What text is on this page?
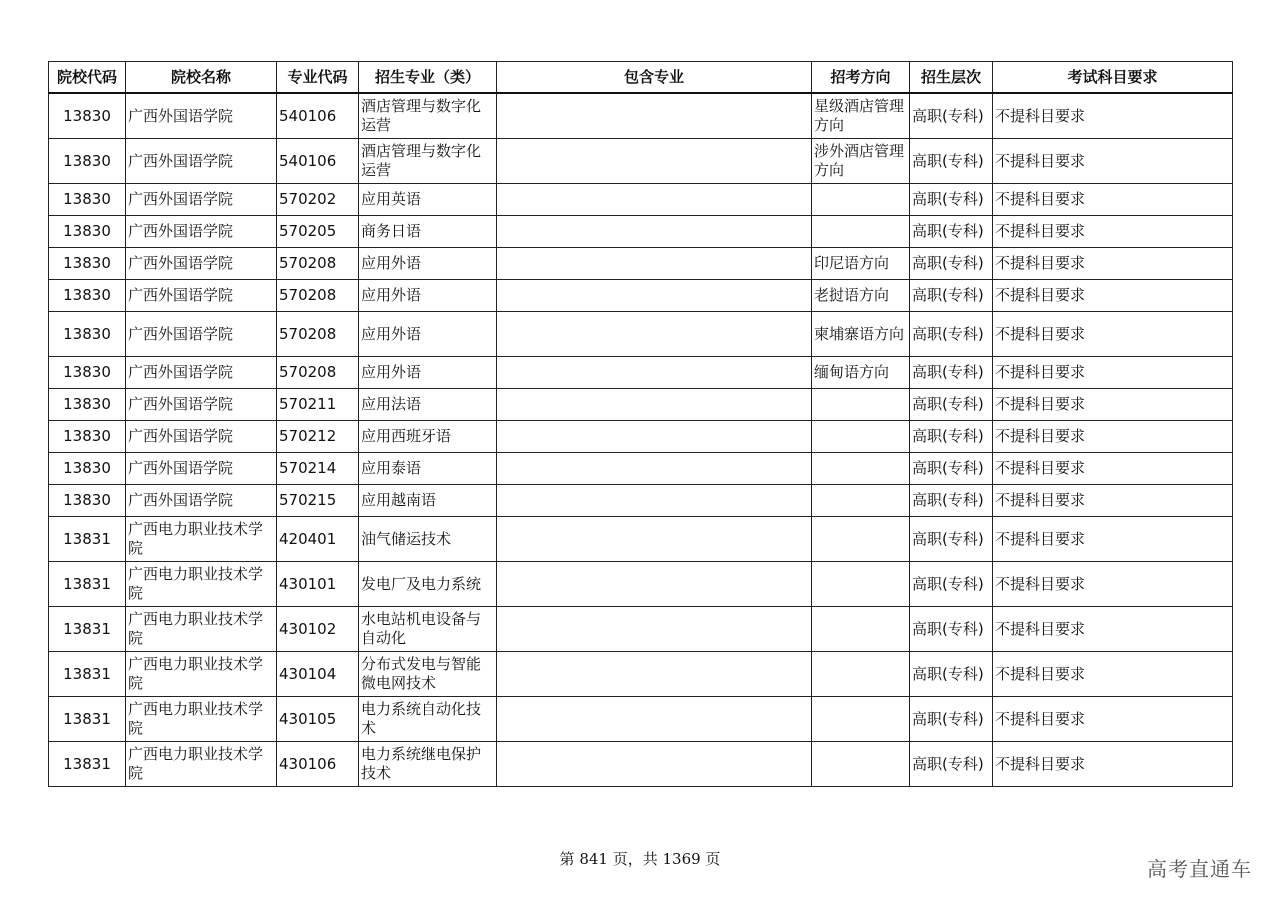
院校代码	院校名称	专业代码	招生专业（类）	包含专业	招考方向	招生层次	考试科目要求
13830	广西外国语学院	540106	酒店管理与数字化运营		星级酒店管理方向	高职(专科)	不提科目要求
13830	广西外国语学院	540106	酒店管理与数字化运营		涉外酒店管理方向	高职(专科)	不提科目要求
13830	广西外国语学院	570202	应用英语			高职(专科)	不提科目要求
13830	广西外国语学院	570205	商务日语			高职(专科)	不提科目要求
13830	广西外国语学院	570208	应用外语		印尼语方向	高职(专科)	不提科目要求
13830	广西外国语学院	570208	应用外语		老挝语方向	高职(专科)	不提科目要求
13830	广西外国语学院	570208	应用外语		柬埔寨语方向	高职(专科)	不提科目要求
13830	广西外国语学院	570208	应用外语		缅甸语方向	高职(专科)	不提科目要求
13830	广西外国语学院	570211	应用法语			高职(专科)	不提科目要求
13830	广西外国语学院	570212	应用西班牙语			高职(专科)	不提科目要求
13830	广西外国语学院	570214	应用泰语			高职(专科)	不提科目要求
13830	广西外国语学院	570215	应用越南语			高职(专科)	不提科目要求
13831	广西电力职业技术学院	420401	油气储运技术			高职(专科)	不提科目要求
13831	广西电力职业技术学院	430101	发电厂及电力系统			高职(专科)	不提科目要求
13831	广西电力职业技术学院	430102	水电站机电设备与自动化			高职(专科)	不提科目要求
13831	广西电力职业技术学院	430104	分布式发电与智能微电网技术			高职(专科)	不提科目要求
13831	广西电力职业技术学院	430105	电力系统自动化技术			高职(专科)	不提科目要求
13831	广西电力职业技术学院	430106	电力系统继电保护技术			高职(专科)	不提科目要求
第 841 页，共 1369 页	高考直通车
